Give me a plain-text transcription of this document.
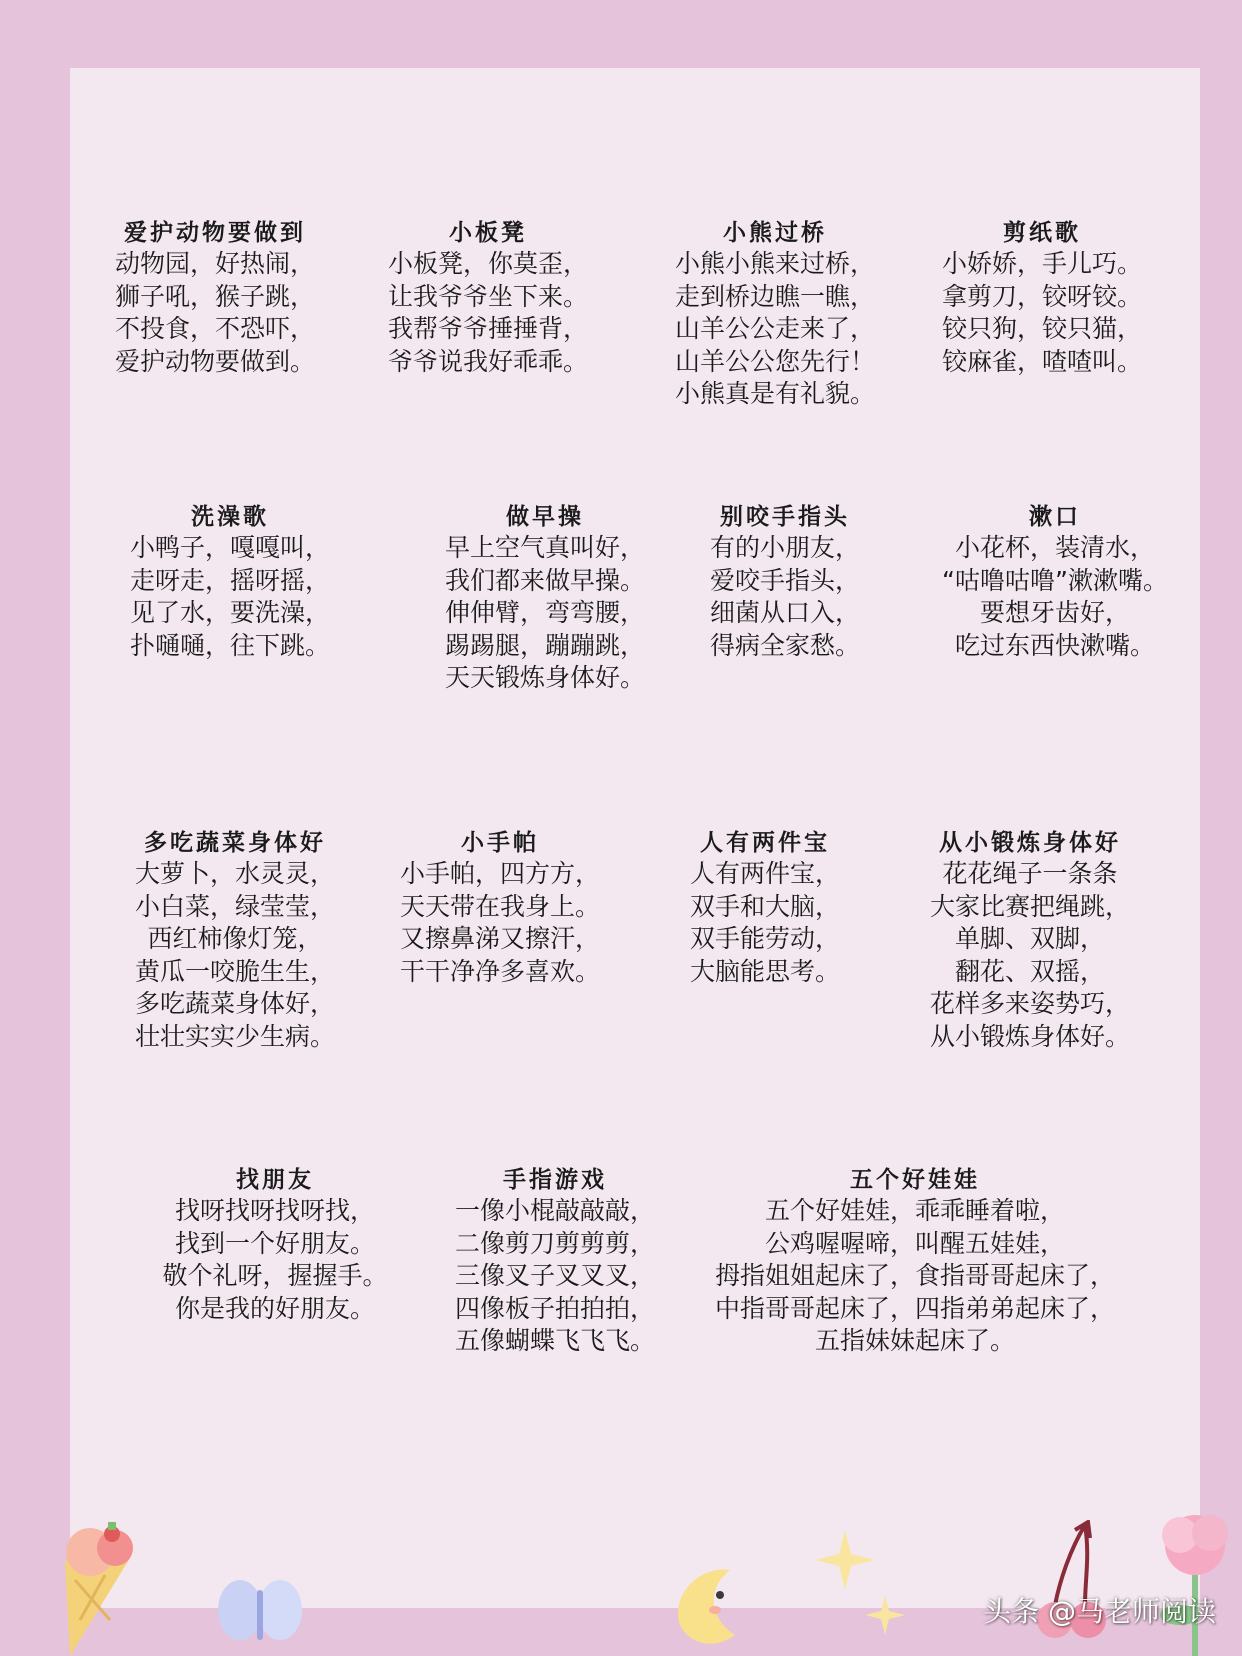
爱护动物要做到
动物园，好热闹，
狮子吼，猴子跳，
不投食，不恐吓，
爱护动物要做到。
小板凳
小板凳，你莫歪，
让我爷爷坐下来。
我帮爷爷捶捶背，
爷爷说我好乖乖。
小熊过桥
小熊小熊来过桥，
走到桥边瞧一瞧，
山羊公公走来了，
山羊公公您先行！
小熊真是有礼貌。
剪纸歌
小娇娇，手儿巧。
拿剪刀，铰呀铰。
铰只狗，铰只猫，
铰麻雀，喳喳叫。
洗澡歌
小鸭子，嘎嘎叫，
走呀走，摇呀摇，
见了水，要洗澡，
扑嗵嗵，往下跳。
做早操
早上空气真叫好，
我们都来做早操。
伸伸臂，弯弯腰，
踢踢腿，蹦蹦跳，
天天锻炼身体好。
别咬手指头
有的小朋友，
爱咬手指头，
细菌从口入，
得病全家愁。
漱口
小花杯，装清水，
“咕噜咕噜”漱漱嘴。
要想牙齿好，
吃过东西快漱嘴。
多吃蔬菜身体好
大萝卜，水灵灵，
小白菜，绿莹莹，
西红柿像灯笼，
黄瓜一咬脆生生，
多吃蔬菜身体好，
壮壮实实少生病。
小手帕
小手帕，四方方，
天天带在我身上。
又擦鼻涕又擦汗，
干干净净多喜欢。
人有两件宝
人有两件宝，
双手和大脑，
双手能劳动，
大脑能思考。
从小锻炼身体好
花花绳子一条条
大家比赛把绳跳，
单脚、双脚，
翻花、双摇，
花样多来姿势巧，
从小锻炼身体好。
找朋友
找呀找呀找呀找，
找到一个好朋友。
敬个礼呀，握握手。
你是我的好朋友。
手指游戏
一像小棍敲敲敲，
二像剪刀剪剪剪，
三像叉子叉叉叉，
四像板子拍拍拍，
五像蝴蝶飞飞飞。
五个好娃娃
五个好娃娃，乖乖睡着啦，
公鸡喔喔啼，叫醒五娃娃，
拇指姐姐起床了，食指哥哥起床了，
中指哥哥起床了，四指弟弟起床了，
五指妹妹起床了。
头条 @马老师阅读
